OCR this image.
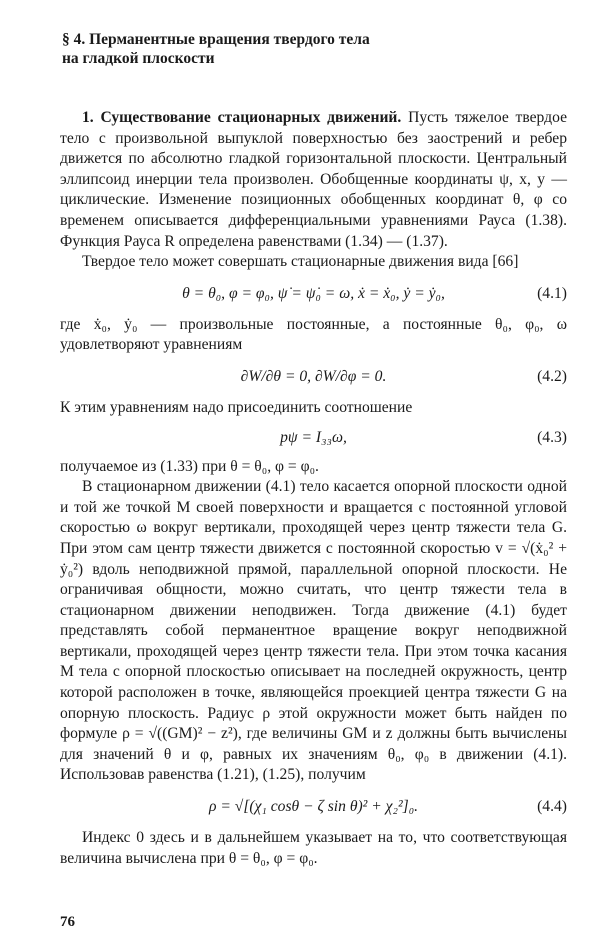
§ 4. Перманентные вращения твердого тела
на гладкой плоскости

1. Существование стационарных движений. Пусть тяжелое твердое тело с произвольной выпуклой поверхностью без заострений и ребер движется по абсолютно гладкой горизонтальной плоскости. Центральный эллипсоид инерции тела произволен. Обобщенные координаты ψ, x, y — циклические. Изменение позиционных обобщенных координат θ, φ со временем описывается дифференциальными уравнениями Рауса (1.38). Функция Рауса R определена равенствами (1.34) — (1.37).

Твердое тело может совершать стационарные движения вида [66]

θ = θ₀, φ = φ₀, ψ̇ = ψ̇₀ = ω, ẋ = ẋ₀, ẏ = ẏ₀,	(4.1)

где ẋ₀, ẏ₀ — произвольные постоянные, а постоянные θ₀, φ₀, ω удовлетворяют уравнениям

∂W/∂θ = 0, ∂W/∂φ = 0.	(4.2)

К этим уравнениям надо присоединить соотношение

pψ = I₃₃ω,	(4.3)

получаемое из (1.33) при θ = θ₀, φ = φ₀.

В стационарном движении (4.1) тело касается опорной плоскости одной и той же точкой M своей поверхности и вращается с постоянной угловой скоростью ω вокруг вертикали, проходящей через центр тяжести тела G. При этом сам центр тяжести движется с постоянной скоростью v = √(ẋ₀² + ẏ₀²) вдоль неподвижной прямой, параллельной опорной плоскости. Не ограничивая общности, можно считать, что центр тяжести тела в стационарном движении неподвижен. Тогда движение (4.1) будет представлять собой перманентное вращение вокруг неподвижной вертикали, проходящей через центр тяжести тела. При этом точка касания M тела с опорной плоскостью описывает на последней окружность, центр которой расположен в точке, являющейся проекцией центра тяжести G на опорную плоскость. Радиус ρ этой окружности может быть найден по формуле ρ = √((GM)² − z²), где величины GM и z должны быть вычислены для значений θ и φ, равных их значениям θ₀, φ₀ в движении (4.1). Использовав равенства (1.21), (1.25), получим

ρ = √[(χ₁ cosθ − ζ sin θ)² + χ₂²]₀.	(4.4)

Индекс 0 здесь и в дальнейшем указывает на то, что соответствующая величина вычислена при θ = θ₀, φ = φ₀.

76
